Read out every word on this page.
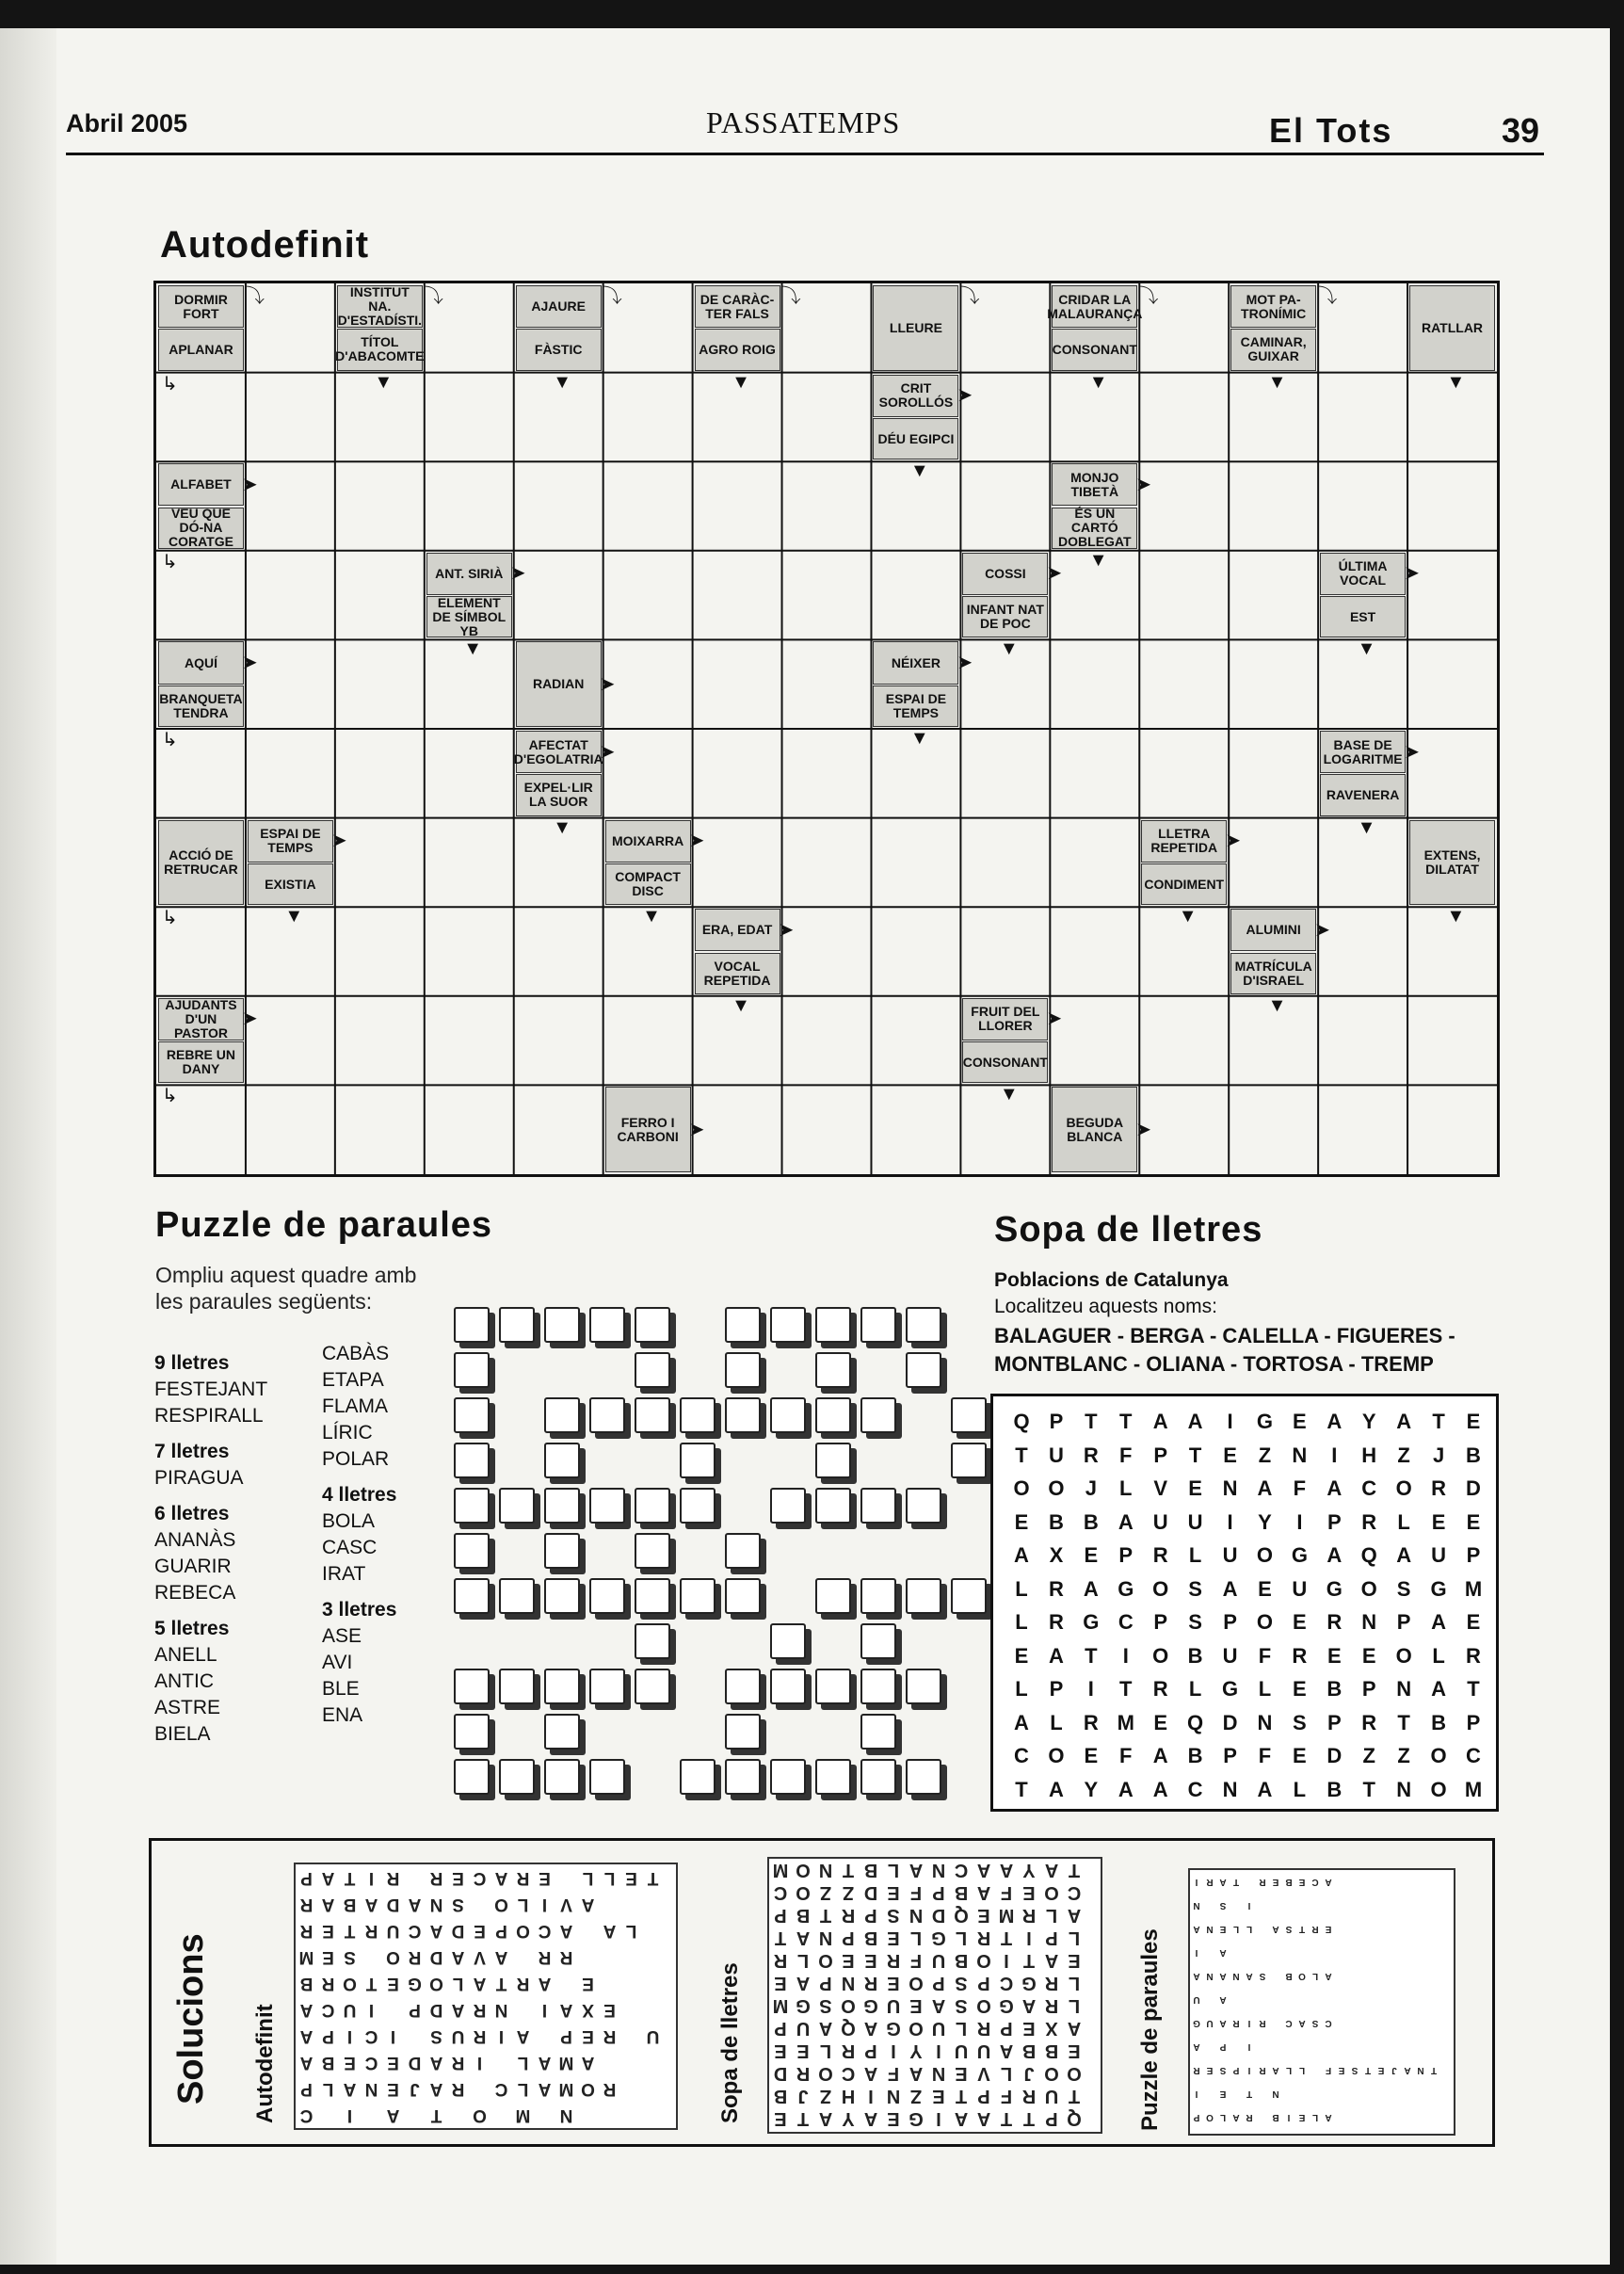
Abril 2005	PASSATEMPS	El Tots	39
Autodefinit
DORMIR FORT
⤵
APLANAR
↳
INSTITUT NA. D'ESTADÍSTI.
⤵
TÍTOL D'ABACOMTE
▼
AJAURE ⤵
FÀSTIC
▼
DE CARÀC-TER FALS
⤵
AGRO ROIG
▼
LLEURE
⤵	CRIDAR LA MALAURANÇA
⤵
CONSONANT
▼
MOT PA-TRONÍMIC
⤵
CAMINAR, GUIXAR
▼
RATLLAR
▼
CRIT SOROLLÓS ➤
DÉU EGIPCI
▼
ALFABET ➤
VEU QUE DÓ-NA CORATGE
↳
MONJO TIBETÀ ➤
ÉS UN CARTÓ DOBLEGAT
▼
ANT. SIRIÀ ➤
ELEMENT DE SÍMBOL YB
▼
COSSI	➤
INFANT NAT DE POC
▼
ÚLTIMA VOCAL ➤
EST
▼
AQUÍ	➤
BRANQUETA TENDRA
↳
RADIAN ➤
NÉIXER ➤
ESPAI DE TEMPS
▼
AFECTAT D'EGOLATRIA
➤
EXPEL·LIR LA SUOR
▼
BASE DE LOGARITME ➤
RAVENERA
▼
ACCIÓ DE RETRUCAR
↳
ESPAI DE TEMPS ➤
EXISTIA
▼
MOIXARRA ➤
COMPACT DISC
▼
LLETRA REPETIDA ➤
CONDIMENT
▼
EXTENS, DILATAT
▼
ERA, EDAT ➤
VOCAL REPETIDA
▼
ALUMINI ➤
MATRÍCULA D'ISRAEL
▼
AJUDANTS D'UN PASTOR
➤
REBRE UN DANY
↳
FRUIT DEL LLORER ➤
CONSONANT
▼
FERRO I CARBONI ➤	BEGUDA BLANCA ➤
Puzzle de paraules
Ompliu aquest quadre amb
les paraules següents:
9 lletres
FESTEJANT
RESPIRALL
7 lletres
PIRAGUA
6 lletres
ANANÀS
GUARIR
REBECA
5 lletres
ANELL
ANTIC
ASTRE
BIELA
CABÀS
ETAPA
FLAMA
LÍRIC
POLAR
4 lletres
BOLA
CASC
IRAT
3 lletres
ASE
AVI
BLE
ENA
Sopa de lletres
Poblacions de Catalunya
Localitzeu aquests noms:
BALAGUER - BERGA - CALELLA - FIGUERES - MONTBLANC - OLIANA - TORTOSA - TREMP
Q P	T	T	A A	I	G E A Y A	T	E
T	U R	F	P	T	E	Z	N	I	H	Z	J	B
O O	J	L	V	E N A	F	A C O R D
E B B A U U	I	Y	I	P R	L	E	E
A X	E	P R	L	U O G A Q A U P
L	R A G O S A E U G O S G M
L	R G C P	S	P O E R N P A E
E A	T	I	O B U	F	R E	E O L	R
L	P	I	T	R	L G L	E B P N A	T
A	L	R M E Q D N S	P R	T	B P
C O E	F	A B P	F	E D	Z	Z O C
T	A Y A A C N A	L	B	T	N O M
Solucions Autodefinit	Sopa de lletres	Puzzle de paraules
P A T I R R E C A R E	L L E T
R A B A D A N S O L I V A
R E T R U C A D E P O C A A L
M E S O R D A V A R R
B R O T E G O L A T R A E
A C U I	P D A R N	I A X E
A P I C I	S U R I A P E R U
A B E C E D A R I	L A M A
P L A N E J A R C L A M O R
C	I	A	T O M N
M O N T B L A N C A A Y A T
C O Z Z D E F P B A F E O C
P B T R P S N D Q E M R L A
T A N P B E L G L R T I P L
R L O E E R F U B O I T A E
E A P N R E O P S P C G R L
M G S O G U E A S O G A R L
P U A Q A G O U L R P E X A
E E L R P I Y I U U A B B E
D R O C A F A N E V L J O O
B J Z H I N Z E T P F R U T
E T A Y A E G I A A T T P Q
I R A T	R E B E C A
N	S	I
A N E L L	A S T R E
I	A
A N A N A S	B O L A
U	A
G U A R I R	C A S C
A	P	I
R E S P I R A L L	F E S T E J A N T
I	E	T	N
P O L A R	B I E L A
